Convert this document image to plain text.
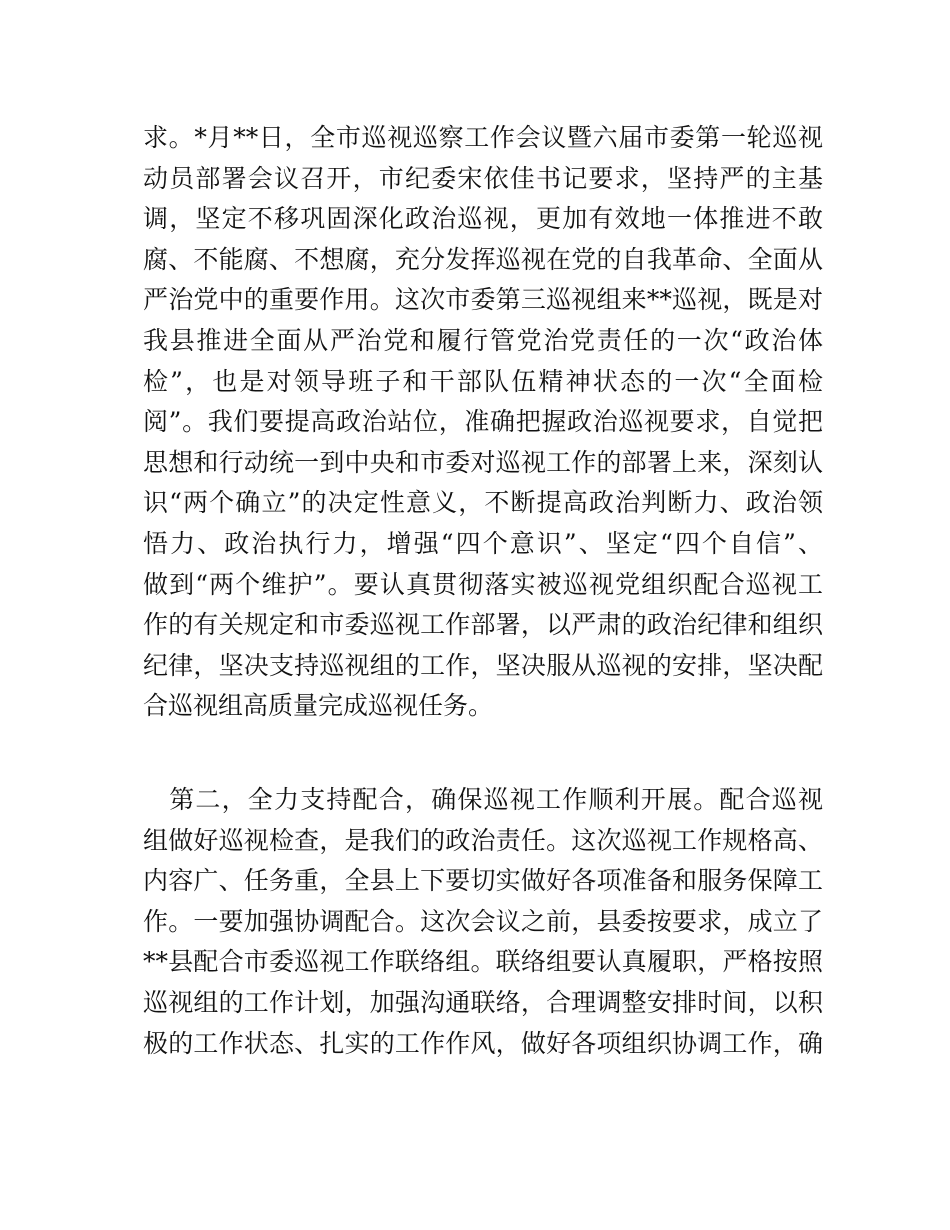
求。*月**日，全市巡视巡察工作会议暨六届市委第一轮巡视
动员部署会议召开，市纪委宋依佳书记要求，坚持严的主基
调，坚定不移巩固深化政治巡视，更加有效地一体推进不敢
腐、不能腐、不想腐，充分发挥巡视在党的自我革命、全面从
严治党中的重要作用。这次市委第三巡视组来**巡视，既是对
我县推进全面从严治党和履行管党治党责任的一次“政治体
检”，也是对领导班子和干部队伍精神状态的一次“全面检
阅”。我们要提高政治站位，准确把握政治巡视要求，自觉把
思想和行动统一到中央和市委对巡视工作的部署上来，深刻认
识“两个确立”的决定性意义，不断提高政治判断力、政治领
悟力、政治执行力，增强“四个意识”、坚定“四个自信”、
做到“两个维护”。要认真贯彻落实被巡视党组织配合巡视工
作的有关规定和市委巡视工作部署，以严肃的政治纪律和组织
纪律，坚决支持巡视组的工作，坚决服从巡视的安排，坚决配
合巡视组高质量完成巡视任务。
　第二，全力支持配合，确保巡视工作顺利开展。配合巡视
组做好巡视检查，是我们的政治责任。这次巡视工作规格高、
内容广、任务重，全县上下要切实做好各项准备和服务保障工
作。一要加强协调配合。这次会议之前，县委按要求，成立了
**县配合市委巡视工作联络组。联络组要认真履职，严格按照
巡视组的工作计划，加强沟通联络，合理调整安排时间，以积
极的工作状态、扎实的工作作风，做好各项组织协调工作，确
